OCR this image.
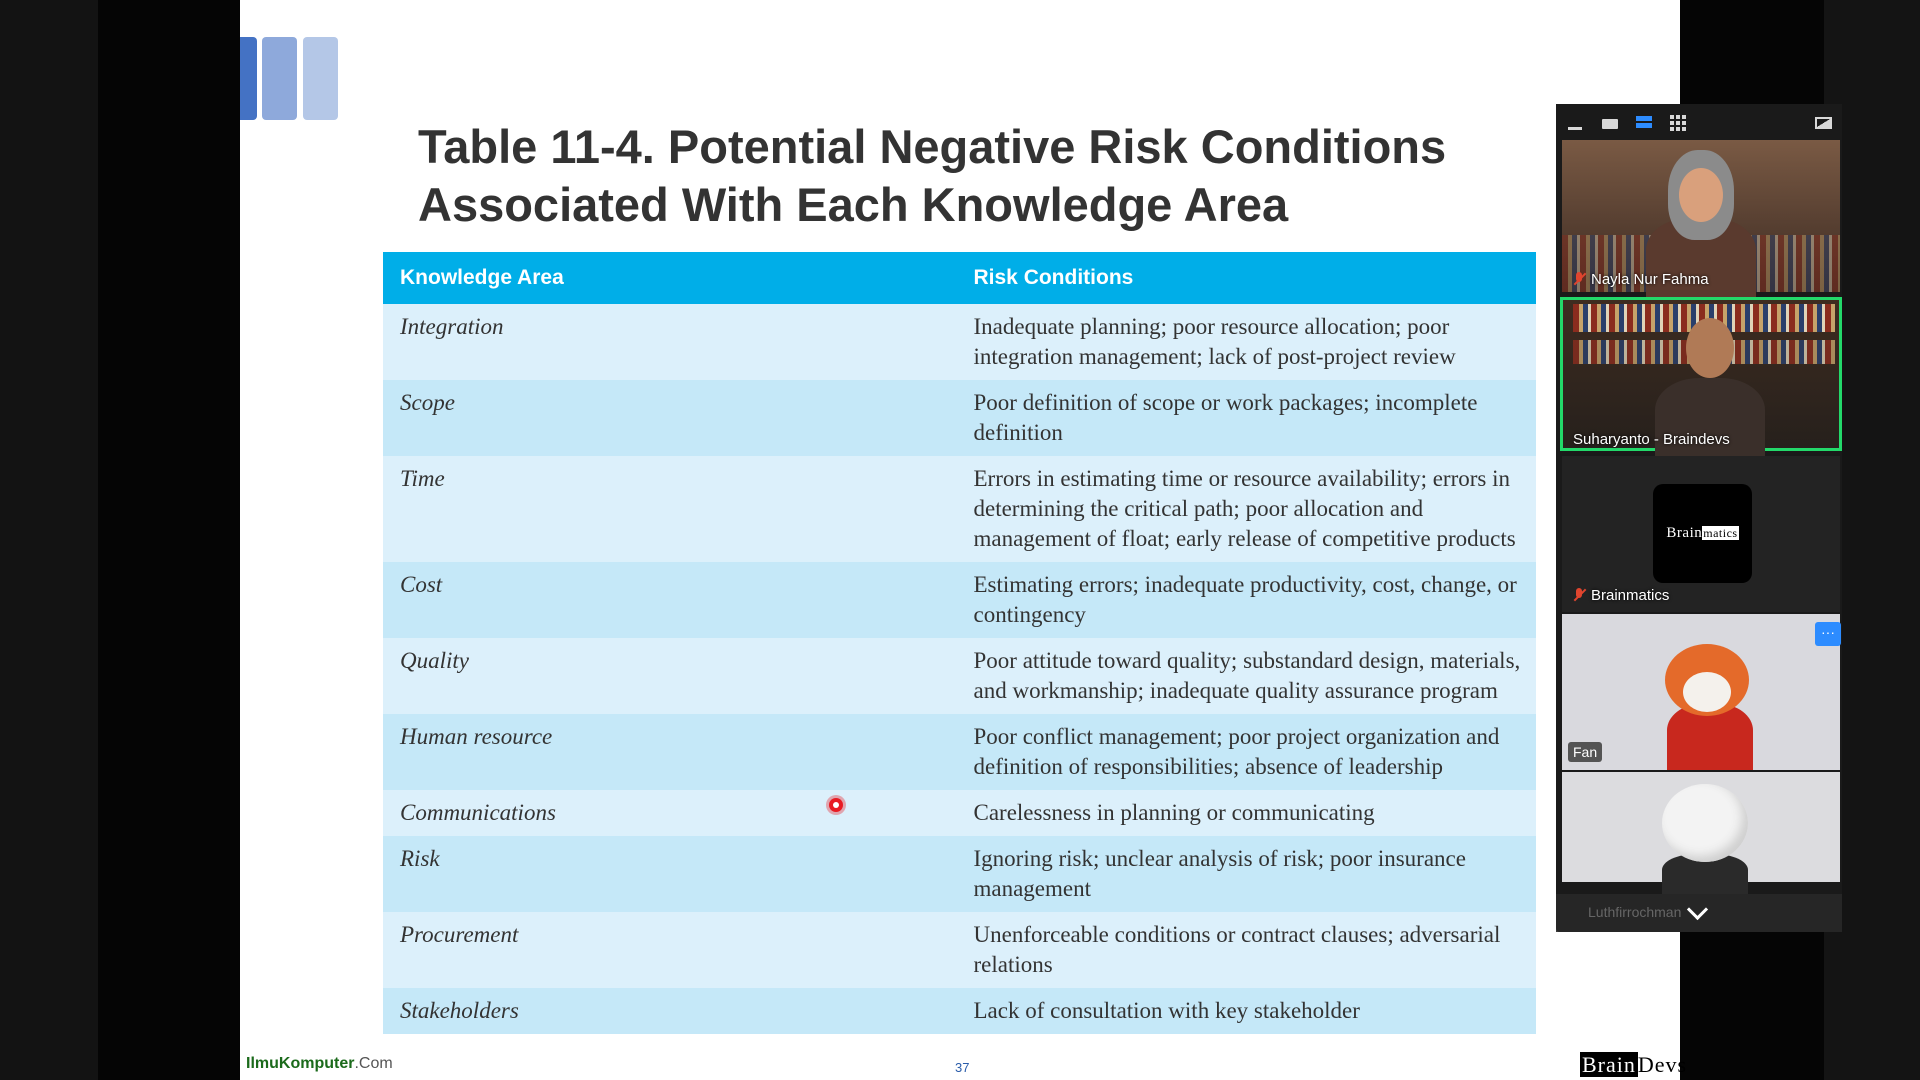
Table 11-4. Potential Negative Risk Conditions Associated With Each Knowledge Area
Knowledge Area	Risk Conditions
Integration	Inadequate planning; poor resource allocation; poor integration management; lack of post-project review
Scope	Poor definition of scope or work packages; incomplete definition
Time	Errors in estimating time or resource availability; errors in determining the critical path; poor allocation and management of float; early release of competitive products
Cost	Estimating errors; inadequate productivity, cost, change, or contingency
Quality	Poor attitude toward quality; substandard design, materials, and workmanship; inadequate quality assurance program
Human resource	Poor conflict management; poor project organization and definition of responsibilities; absence of leadership
Communications	Carelessness in planning or communicating
Risk	Ignoring risk; unclear analysis of risk; poor insurance management
Procurement	Unenforceable conditions or contract clauses; adversarial relations
Stakeholders	Lack of consultation with key stakeholder
IlmuKomputer.Com	37	BrainDevs
Nayla Nur Fahma
Suharyanto - Braindevs
Brainmatics
Brainmatics
···
Fan
Luthfirrochman
